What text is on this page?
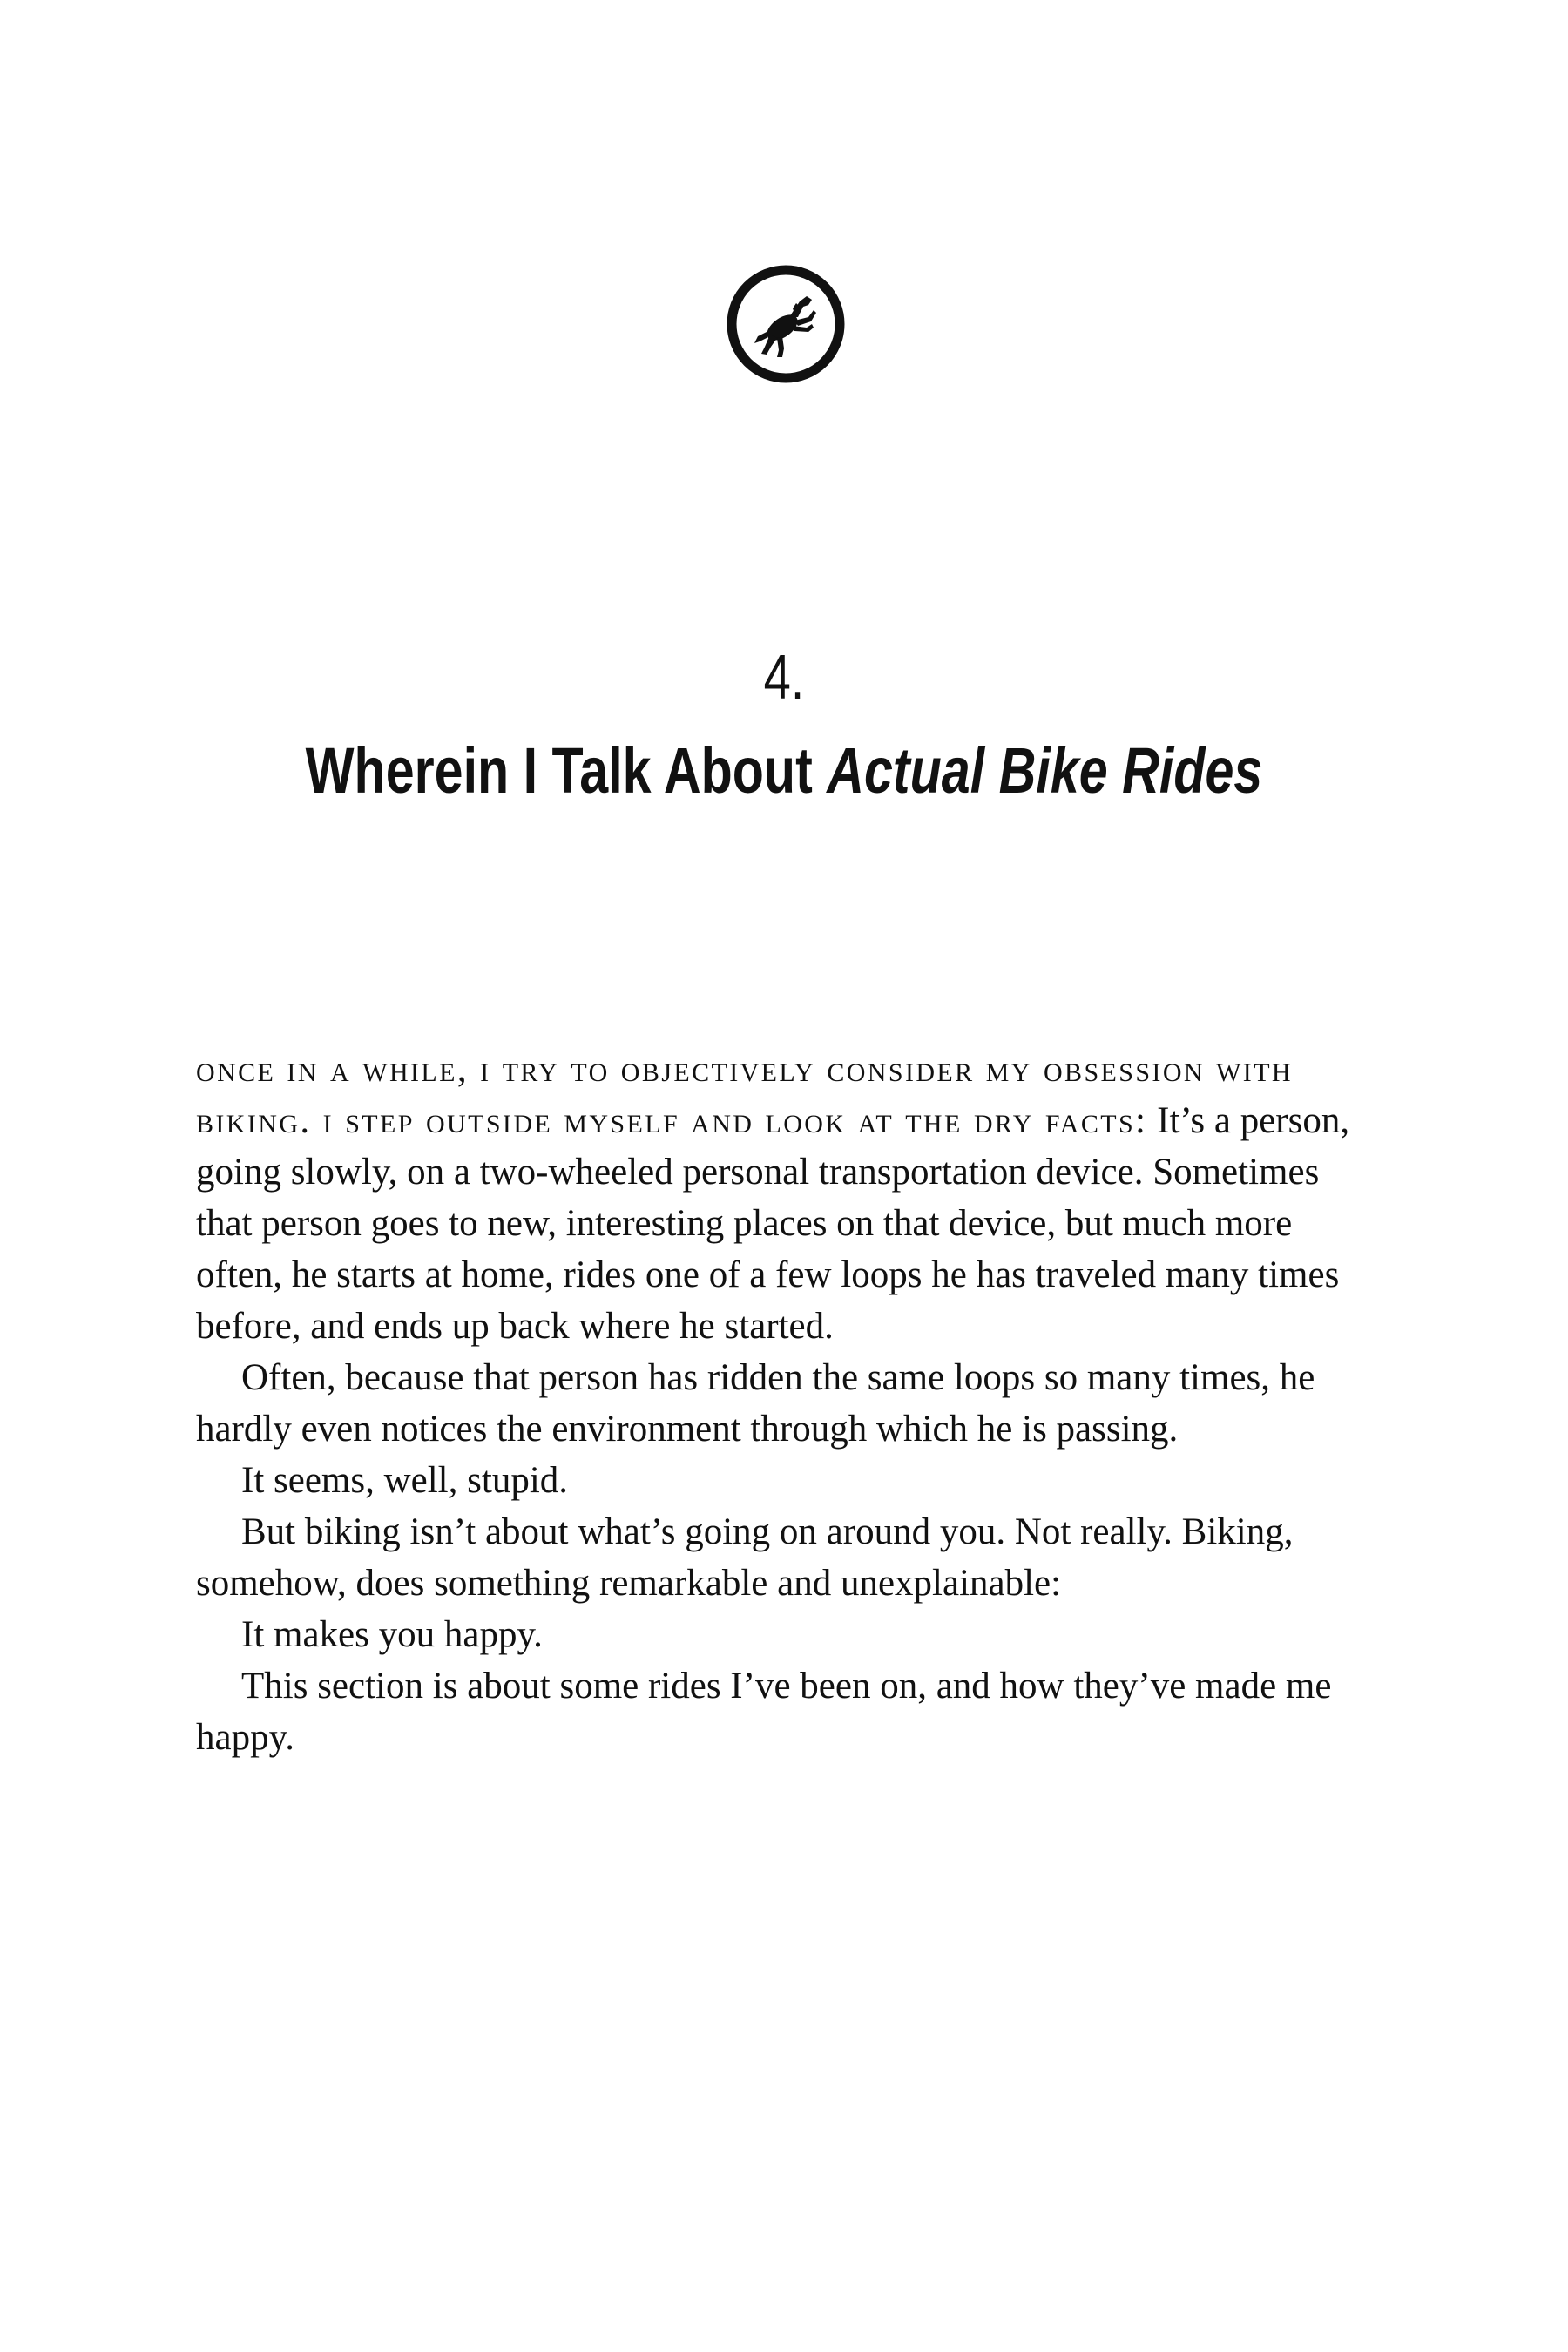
4.
Wherein I Talk About Actual Bike Rides

once in a while, i try to objectively consider my obsession with biking. i step outside myself and look at the dry facts: It’s a person, going slowly, on a two-wheeled personal transportation device. Sometimes that person goes to new, interesting places on that device, but much more often, he starts at home, rides one of a few loops he has traveled many times before, and ends up back where he started.

Often, because that person has ridden the same loops so many times, he hardly even notices the environment through which he is passing.

It seems, well, stupid.

But biking isn’t about what’s going on around you. Not really. Biking, somehow, does something remarkable and unexplainable:

It makes you happy.

This section is about some rides I’ve been on, and how they’ve made me happy.
